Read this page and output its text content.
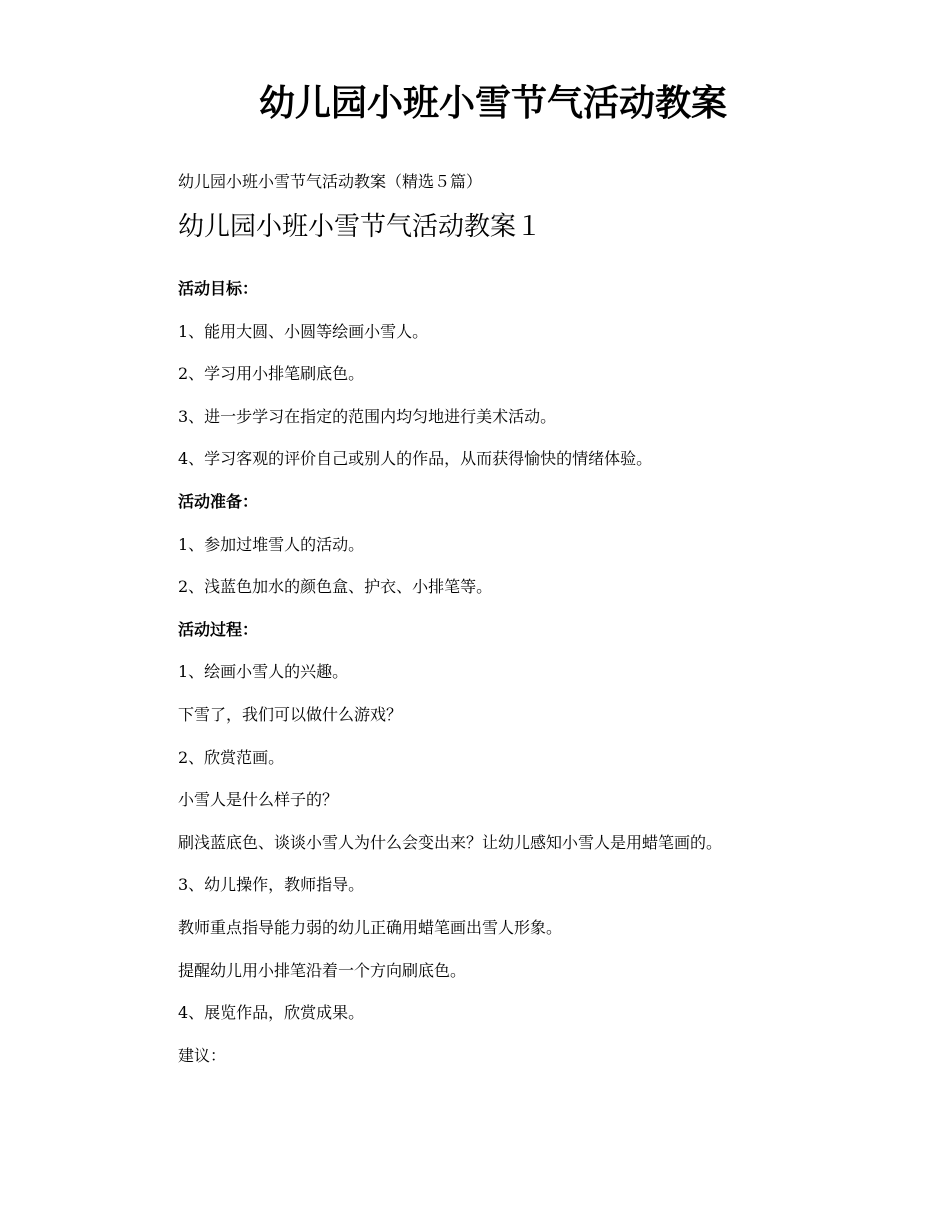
幼儿园小班小雪节气活动教案

幼儿园小班小雪节气活动教案（精选５篇）

幼儿园小班小雪节气活动教案１

活动目标：

1、能用大圆、小圆等绘画小雪人。

2、学习用小排笔刷底色。

3、进一步学习在指定的范围内均匀地进行美术活动。

4、学习客观的评价自己或别人的作品，从而获得愉快的情绪体验。

活动准备：

1、参加过堆雪人的活动。

2、浅蓝色加水的颜色盒、护衣、小排笔等。

活动过程：

1、绘画小雪人的兴趣。

下雪了，我们可以做什么游戏？

2、欣赏范画。

小雪人是什么样子的？

刷浅蓝底色、谈谈小雪人为什么会变出来？让幼儿感知小雪人是用蜡笔画的。

3、幼儿操作，教师指导。

教师重点指导能力弱的幼儿正确用蜡笔画出雪人形象。

提醒幼儿用小排笔沿着一个方向刷底色。

4、展览作品，欣赏成果。

建议：
